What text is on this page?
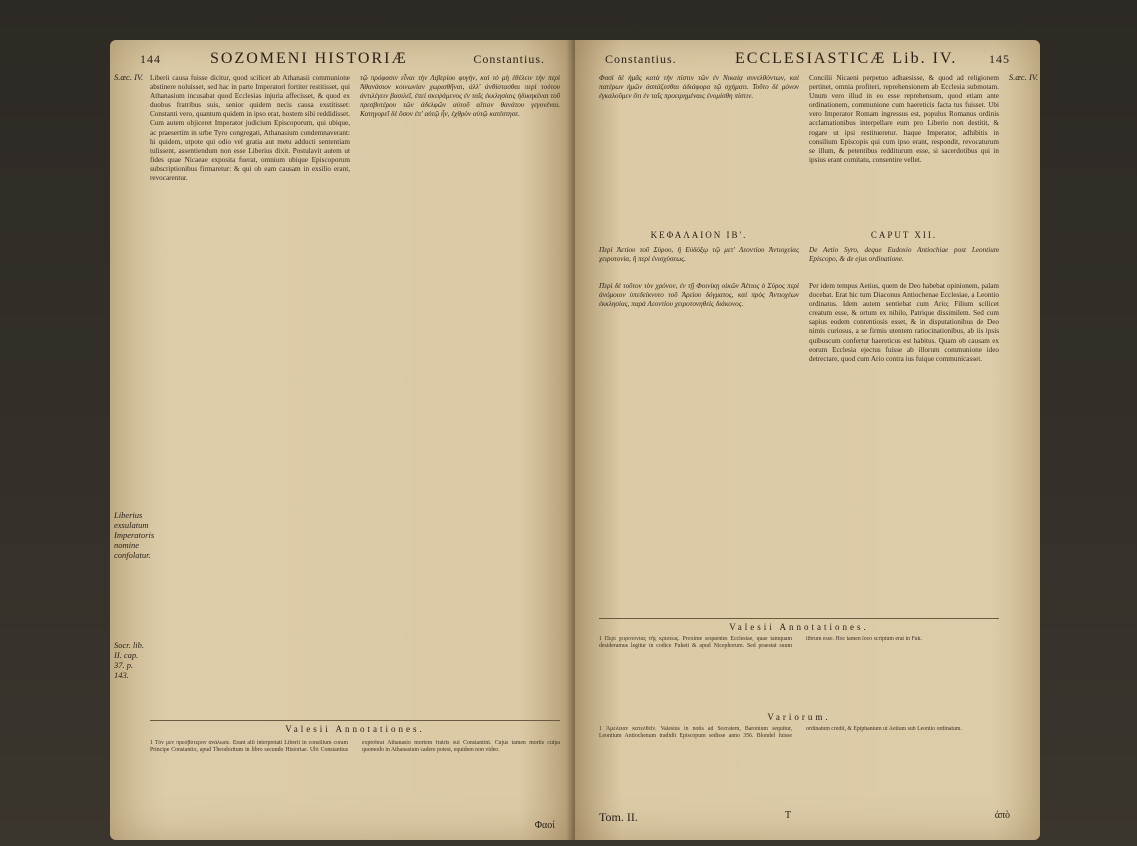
144	SOZOMENI HISTORIÆ	Constantius.
S.æc. IV.
Liberius exsulatum Imperatoris nomine confolatur.
Socr. lib. II. cap. 37. p. 143.

Liberii causa fuisse dicitur, quod scilicet ab Athanasii communione abstinere noluisset, sed hac in parte Imperatori fortiter restitisset, qui Athanasium incusabat quod Ecclesias injuria affecisset, & quod ex duobus fratribus suis, senior quidem necis causa exstitisset: Constanti vero, quantum quidem in ipso erat, hostem sibi reddidisset. Cum autem objiceret Imperator judicium Episcoporum, qui ubique, ac praesertim in urbe Tyro congregati, Athanasium condemnaverant: hi quidem, utpote qui odio vel gratia aut metu adducti sententiam tulissent, assentiendum non esse Liberius dixit. Postulavit autem ut fides quae Nicaeae exposita fuerat, omnium ubique Episcoporum subscriptionibus firmaretur: & qui ob eam causam in exsilio erant, revocarentur.

τῷ πρόφασιν εἶναι τὴν Λιβερίου φυγὴν, καὶ τὸ μὴ ἐθέλειν τὴν περὶ Ἀθανάσιον κοινωνίαν χωρισθῆναι, ἀλλ' ἀνθίστασθαι περὶ τούτου ἀντιλέγειν βασιλεῖ, ἐπεὶ σκεψάμενος ἐν ταῖς ἐκκλησίαις ἠδικηκέναι τοῦ πρεσβυτέρου τῶν ἀδελφῶν αὐτοῦ αἴτιον θανάτου γεγονέναι. Κατηγορεῖ δὲ ὅσον ἐπ' αὐτῷ ἦν, ἐχθρὸν αὐτῷ κατέστησε.

Valesii Annotationes.
1 Τὸν μὲν πρεσβύτερον ἀνάλωσε. Erant alii interpretati Liberii in consilium coram Principe Constantio, apud Theodoritum in libro secundo Historiae. Ubi Constantius exprobrat Athanasio mortem fratris sui Constantini. Cujus tamen mortis culpa quomodo in Athanasium cadere potest, equidem non video.
Φαοί
Constantius.	ECCLESIASTICÆ Lib. IV.	145
S.æc. IV.

Φασὶ δὲ ἡμᾶς κατὰ τὴν πίστιν τῶν ἐν Νικαίᾳ συνελθόντων, καὶ πατέρων ἡμῶν ἀσπάζεσθαι ἀδιάφορα τῷ σχήματι. Τοῦτο δὲ μόνον ἐγκαλοῦμεν ὅτι ἐν ταῖς προειρημέναις ἐνομίσθη πίστιν.

Concilii Nicaeni perpetuo adhaesisse, & quod ad religionem pertinet, omnia profiteri, reprehensionem ab Ecclesia submotam. Unum vero illud in eo esse reprehensum, quod etiam ante ordinationem, communione cum haereticis facta tus fuisset. Ubi vero Imperator Romam ingressus est, populus Romanus ordinis acclamationibus interpellare eum pro Liberio non destitit, & rogare ut ipsi restitueretur. Itaque Imperator, adhibitis in consilium Episcopis qui cum ipso erant, respondit, revocaturum se illum, & petentibus redditurum esse, si sacerdotibus qui in ipsius erant comitatu, consentire vellet.

ΚΕΦΑΛΑΙΟΝ ΙΒ'.	CAPUT XII.
Περὶ Ἀετίου τοῦ Σύρου, ἢ Εὐδόξῳ τῷ μετ' Λεοντίου Ἀντιοχείας χειροτονία, ἢ περὶ ἐνισχύσεως.
De Aetio Syro, deque Eudoxio Antiochiae post Leontium Episcopo, & de ejus ordinatione.

Περὶ δὲ τοῦτον τὸν χρόνον, ἐν τῇ Φοινίκῃ οἰκῶν Ἀέτιος ὁ Σύρος περὶ ἀνόμοιον ὑπεδείκνυτο τοῦ Ἀρείου δόγματος, καὶ πρὸς Ἀντιοχέων ἐκκλησίας, παρὰ Λεοντίου χειροτονηθεὶς διάκονος.

Per idem tempus Aetius, quem de Deo habebat opinionem, palam docebat. Erat hic tum Diaconus Antiochenae Ecclesiae, a Leontio ordinatus. Idem autem sentiebat cum Ario; Filium scilicet creatum esse, & ortum ex nihilo, Patrique dissimilem. Sed cum sapius eodem contentiosis esset, & in disputationibus de Deo nimis curiosus, a se firmis utentem ratiocinationibus, ab iis ipsis quibuscum confertur haereticus est habitus. Quam ob causam ex eorum Ecclesia ejectus fuisse ab illorum communione ideo detrectare, quod cum Ario contra ius fuique communicasset.

Valesii Annotationes.
1 Περὶ χειροτονίας τῆς κρίσεως. Proxime sequentes Ecclesiae, quae tamquam desideramus legitur in codice Fuketi & apud Nicephorum. Sed praestat suum librum esse. Hoc tamen loco scriptum erat in Fuk.
Variorum.
1 Ἀμέλειαν κατελθεῖν. Valesius in notis ad Socratem, Baronium sequitur, Leontium Antiochenum tradidit Episcopum sedisse anno 356. Blondel fuisse ordinatum credit, & Epiphanium ut Aetium sub Leontio ordinatum.
Tom. II.	T	ἀπὸ
